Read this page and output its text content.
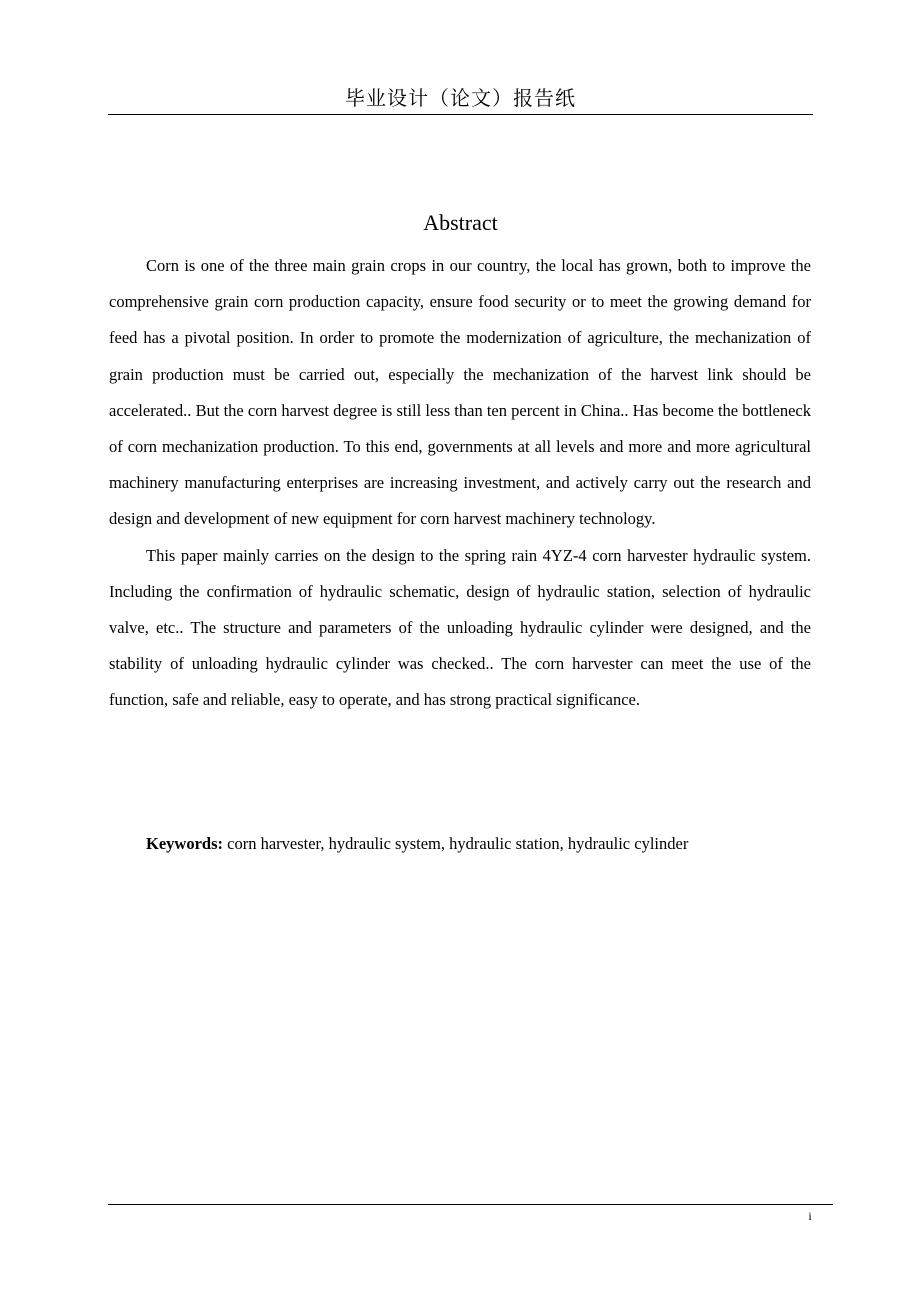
毕业设计（论文）报告纸
Abstract

Corn is one of the three main grain crops in our country, the local has grown, both to improve the comprehensive grain corn production capacity, ensure food security or to meet the growing demand for feed has a pivotal position. In order to promote the modernization of agriculture, the mechanization of grain production must be carried out, especially the mechanization of the harvest link should be accelerated.. But the corn harvest degree is still less than ten percent in China.. Has become the bottleneck of corn mechanization production. To this end, governments at all levels and more and more agricultural machinery manufacturing enterprises are increasing investment, and actively carry out the research and design and development of new equipment for corn harvest machinery technology.

This paper mainly carries on the design to the spring rain 4YZ-4 corn harvester hydraulic system. Including the confirmation of hydraulic schematic, design of hydraulic station, selection of hydraulic valve, etc.. The structure and parameters of the unloading hydraulic cylinder were designed, and the stability of unloading hydraulic cylinder was checked.. The corn harvester can meet the use of the function, safe and reliable, easy to operate, and has strong practical significance.

Keywords: corn harvester, hydraulic system, hydraulic station, hydraulic cylinder
i
